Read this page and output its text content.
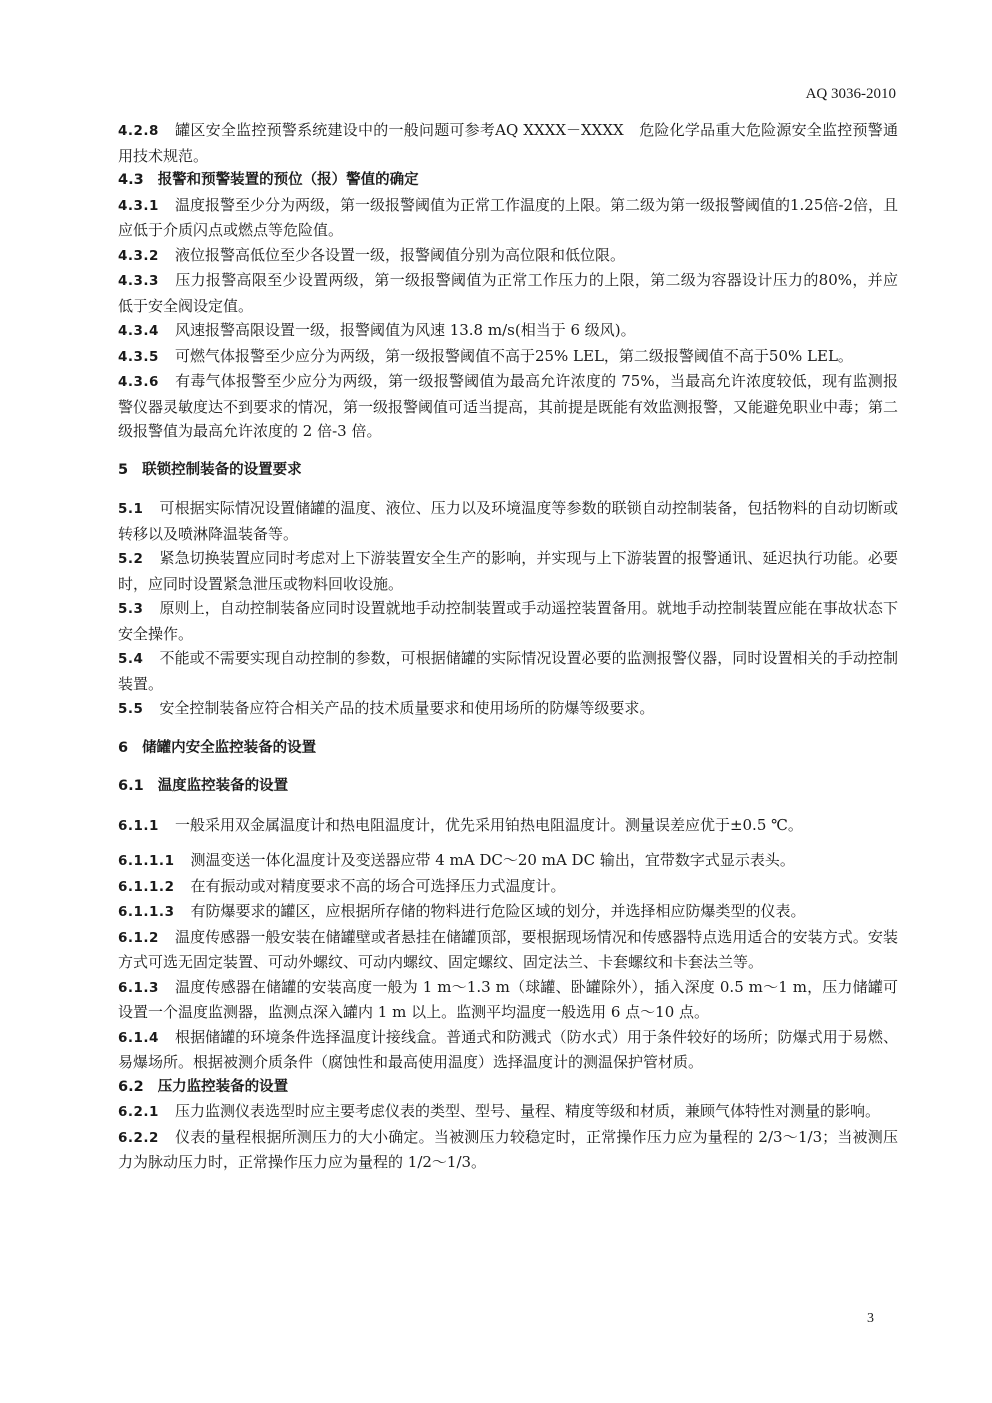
AQ 3036-2010

4.2.8 罐区安全监控预警系统建设中的一般问题可参考AQ XXXX－XXXX　危险化学品重大危险源安全监控预警通用技术规范。

4.3 报警和预警装置的预位（报）警值的确定

4.3.1 温度报警至少分为两级，第一级报警阈值为正常工作温度的上限。第二级为第一级报警阈值的1.25倍-2倍，且应低于介质闪点或燃点等危险值。

4.3.2 液位报警高低位至少各设置一级，报警阈值分别为高位限和低位限。

4.3.3 压力报警高限至少设置两级，第一级报警阈值为正常工作压力的上限，第二级为容器设计压力的80%，并应低于安全阀设定值。

4.3.4 风速报警高限设置一级，报警阈值为风速 13.8 m/s(相当于 6 级风)。

4.3.5 可燃气体报警至少应分为两级，第一级报警阈值不高于25% LEL，第二级报警阈值不高于50% LEL。

4.3.6 有毒气体报警至少应分为两级，第一级报警阈值为最高允许浓度的 75%，当最高允许浓度较低，现有监测报警仪器灵敏度达不到要求的情况，第一级报警阈值可适当提高，其前提是既能有效监测报警，又能避免职业中毒；第二级报警值为最高允许浓度的 2 倍-3 倍。

5 联锁控制装备的设置要求

5.1 可根据实际情况设置储罐的温度、液位、压力以及环境温度等参数的联锁自动控制装备，包括物料的自动切断或转移以及喷淋降温装备等。

5.2 紧急切换装置应同时考虑对上下游装置安全生产的影响，并实现与上下游装置的报警通讯、延迟执行功能。必要时，应同时设置紧急泄压或物料回收设施。

5.3 原则上，自动控制装备应同时设置就地手动控制装置或手动遥控装置备用。就地手动控制装置应能在事故状态下安全操作。

5.4 不能或不需要实现自动控制的参数，可根据储罐的实际情况设置必要的监测报警仪器，同时设置相关的手动控制装置。

5.5 安全控制装备应符合相关产品的技术质量要求和使用场所的防爆等级要求。

6 储罐内安全监控装备的设置

6.1 温度监控装备的设置

6.1.1 一般采用双金属温度计和热电阻温度计，优先采用铂热电阻温度计。测量误差应优于±0.5 ℃。

6.1.1.1 测温变送一体化温度计及变送器应带 4 mA DC～20 mA DC 输出，宜带数字式显示表头。

6.1.1.2 在有振动或对精度要求不高的场合可选择压力式温度计。

6.1.1.3 有防爆要求的罐区，应根据所存储的物料进行危险区域的划分，并选择相应防爆类型的仪表。

6.1.2 温度传感器一般安装在储罐壁或者悬挂在储罐顶部，要根据现场情况和传感器特点选用适合的安装方式。安装方式可选无固定装置、可动外螺纹、可动内螺纹、固定螺纹、固定法兰、卡套螺纹和卡套法兰等。

6.1.3 温度传感器在储罐的安装高度一般为 1 m～1.3 m（球罐、卧罐除外），插入深度 0.5 m～1 m，压力储罐可设置一个温度监测器，监测点深入罐内 1 m 以上。监测平均温度一般选用 6 点～10 点。

6.1.4 根据储罐的环境条件选择温度计接线盒。普通式和防溅式（防水式）用于条件较好的场所；防爆式用于易燃、易爆场所。根据被测介质条件（腐蚀性和最高使用温度）选择温度计的测温保护管材质。

6.2 压力监控装备的设置

6.2.1 压力监测仪表选型时应主要考虑仪表的类型、型号、量程、精度等级和材质，兼顾气体特性对测量的影响。

6.2.2 仪表的量程根据所测压力的大小确定。当被测压力较稳定时，正常操作压力应为量程的 2/3～1/3；当被测压力为脉动压力时，正常操作压力应为量程的 1/2～1/3。

3
